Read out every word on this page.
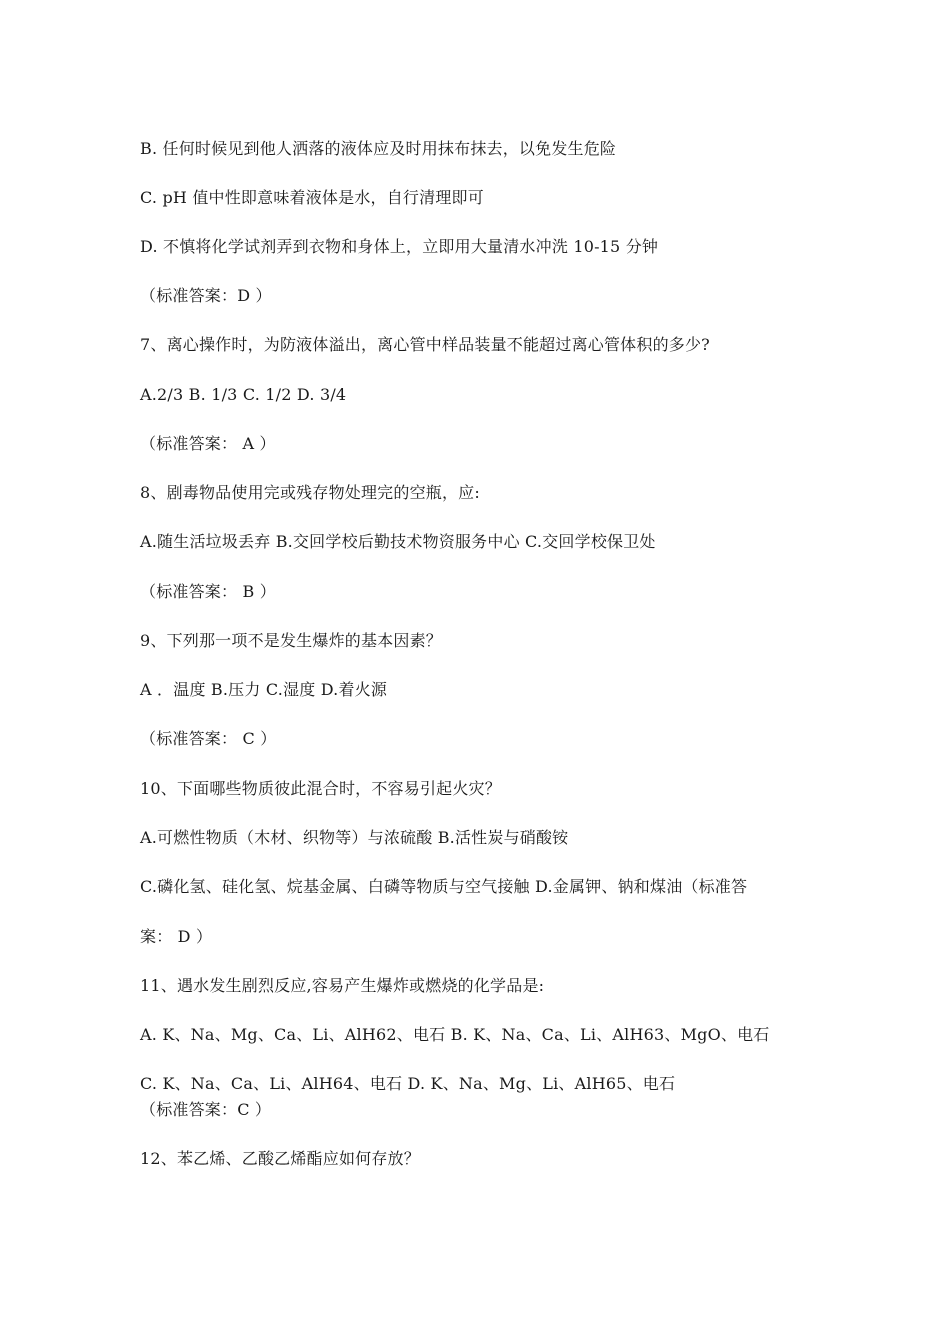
B. 任何时候见到他人洒落的液体应及时用抹布抹去，以免发生危险
C. pH 值中性即意味着液体是水，自行清理即可
D. 不慎将化学试剂弄到衣物和身体上，立即用大量清水冲洗 10-15 分钟
（标准答案：D ）
7、离心操作时，为防液体溢出，离心管中样品装量不能超过离心管体积的多少?
A.2/3 B. 1/3 C. 1/2 D. 3/4
（标准答案： A ）
8、剧毒物品使用完或残存物处理完的空瓶，应:
A.随生活垃圾丢弃 B.交回学校后勤技术物资服务中心 C.交回学校保卫处
（标准答案： B ）
9、下列那一项不是发生爆炸的基本因素？
A ．温度 B.压力 C.湿度 D.着火源
（标准答案： C ）
10、下面哪些物质彼此混合时，不容易引起火灾？
A.可燃性物质（木材、织物等）与浓硫酸 B.活性炭与硝酸铵
C.磷化氢、硅化氢、烷基金属、白磷等物质与空气接触 D.金属钾、钠和煤油（标准答
案： D ）
11、遇水发生剧烈反应,容易产生爆炸或燃烧的化学品是:
A. K、Na、Mg、Ca、Li、AlH62、电石 B. K、Na、Ca、Li、AlH63、MgO、电石
C. K、Na、Ca、Li、AlH64、电石 D. K、Na、Mg、Li、AlH65、电石
（标准答案：C ）
12、苯乙烯、乙酸乙烯酯应如何存放？
